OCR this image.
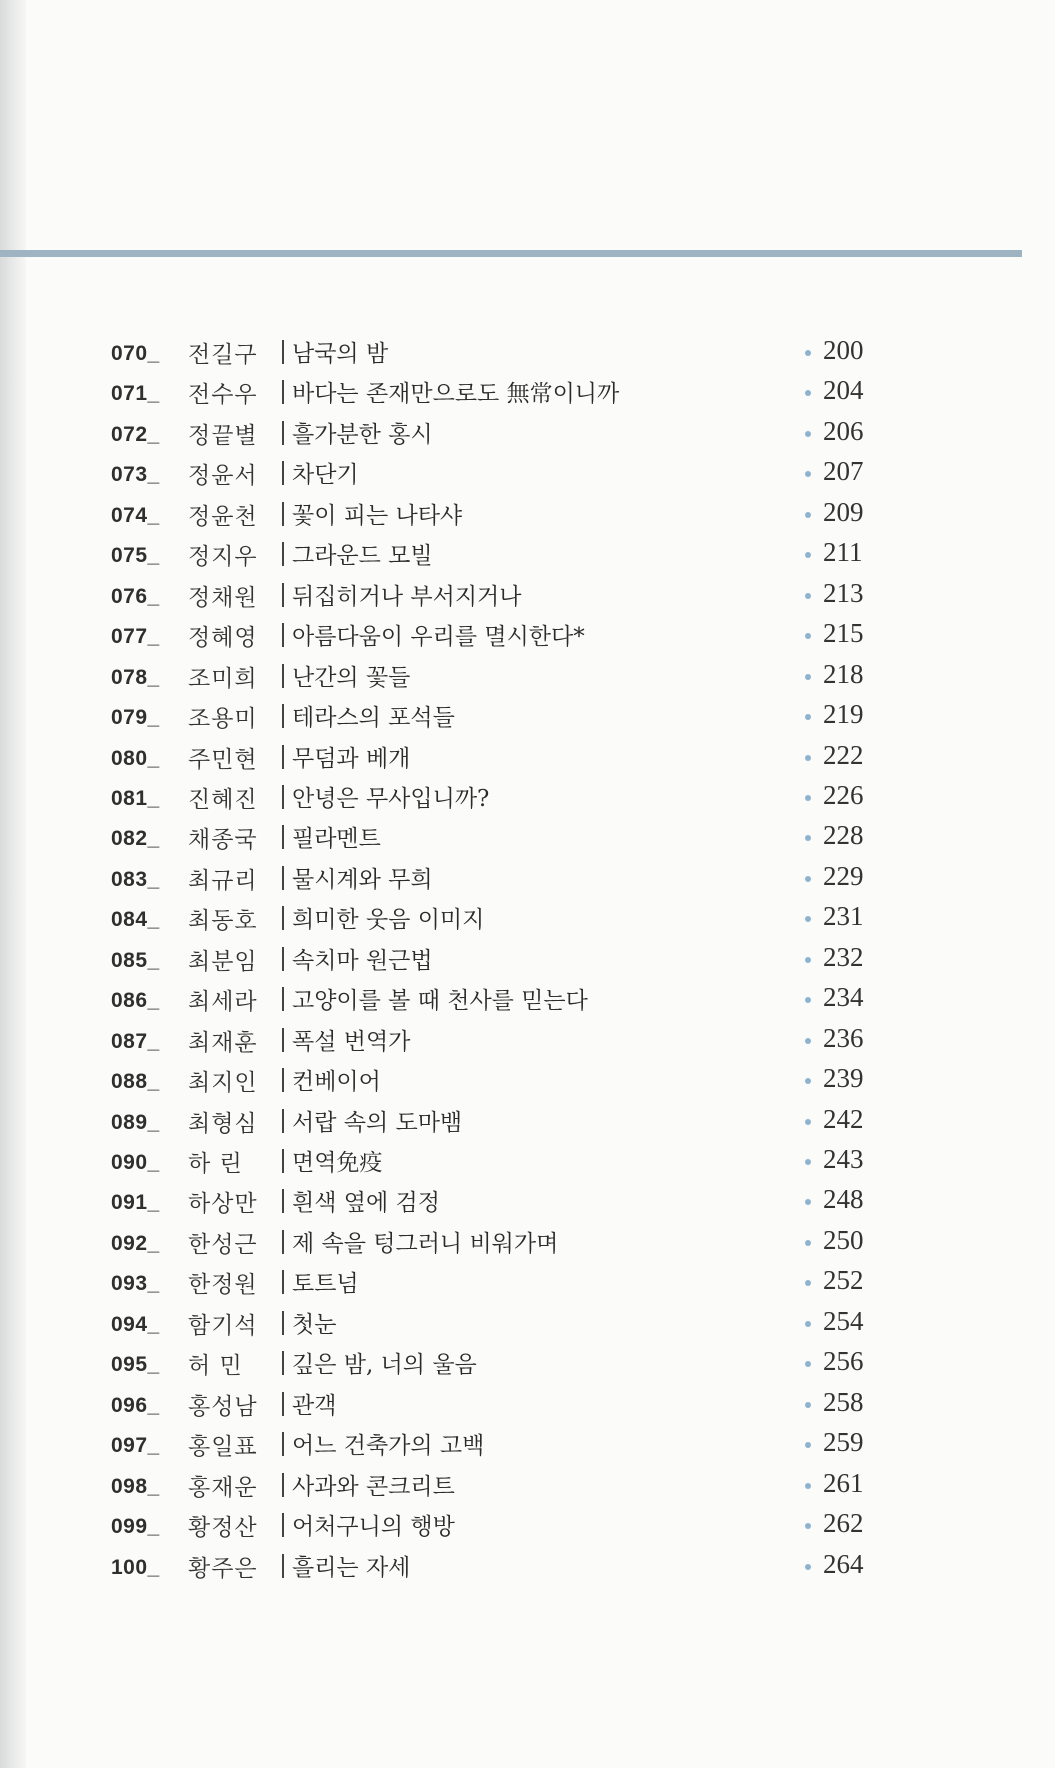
070_ 전길구 남국의 밤	200
071_ 전수우 바다는 존재만으로도 無常이니까	204
072_ 정끝별 흘가분한 홍시	206
073_ 정윤서 차단기	207
074_ 정윤천 꽃이 피는 나타샤	209
075_ 정지우 그라운드 모빌	211
076_ 정채원 뒤집히거나 부서지거나	213
077_ 정혜영 아름다움이 우리를 멸시한다*	215
078_ 조미희 난간의 꽃들	218
079_ 조용미 테라스의 포석들	219
080_ 주민현 무덤과 베개	222
081_ 진혜진 안녕은 무사입니까?	226
082_ 채종국 필라멘트	228
083_ 최규리 물시계와 무희	229
084_ 최동호 희미한 웃음 이미지	231
085_ 최분임 속치마 원근법	232
086_ 최세라 고양이를 볼 때 천사를 믿는다	234
087_ 최재훈 폭설 번역가	236
088_ 최지인 컨베이어	239
089_ 최형심 서랍 속의 도마뱀	242
090_ 하 린 면역免疫	243
091_ 하상만 흰색 옆에 검정	248
092_ 한성근 제 속을 텅그러니 비워가며	250
093_ 한정원 토트넘	252
094_ 함기석 첫눈	254
095_ 허 민 깊은 밤, 너의 울음	256
096_ 홍성남 관객	258
097_ 홍일표 어느 건축가의 고백	259
098_ 홍재운 사과와 콘크리트	261
099_ 황정산 어처구니의 행방	262
100_ 황주은 흘리는 자세	264
